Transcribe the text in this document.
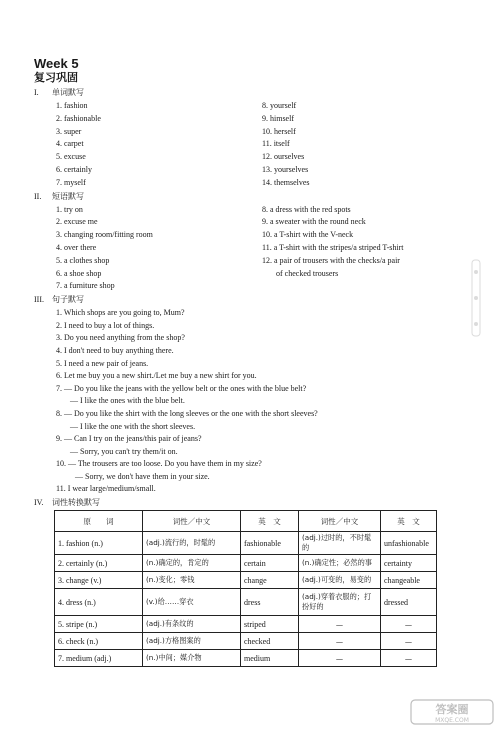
Week 5
复习巩固
I. 单词默写
1. fashion
2. fashionable
3. super
4. carpet
5. excuse
6. certainly
7. myself
8. yourself
9. himself
10. herself
11. itself
12. ourselves
13. yourselves
14. themselves
II. 短语默写
1. try on
2. excuse me
3. changing room/fitting room
4. over there
5. a clothes shop
6. a shoe shop
7. a furniture shop
8. a dress with the red spots
9. a sweater with the round neck
10. a T-shirt with the V-neck
11. a T-shirt with the stripes/a striped T-shirt
12. a pair of trousers with the checks/a pair
of checked trousers
III. 句子默写
1. Which shops are you going to, Mum?
2. I need to buy a lot of things.
3. Do you need anything from the shop?
4. I don't need to buy anything there.
5. I need a new pair of jeans.
6. Let me buy you a new shirt./Let me buy a new shirt for you.
7. — Do you like the jeans with the yellow belt or the ones with the blue belt?
— I like the ones with the blue belt.
8. — Do you like the shirt with the long sleeves or the one with the short sleeves?
— I like the one with the short sleeves.
9. — Can I try on the jeans/this pair of jeans?
— Sorry, you can't try them/it on.
10. — The trousers are too loose. Do you have them in my size?
— Sorry, we don't have them in your size.
11. I wear large/medium/small.
IV. 词性转换默写
原　　词	词性／中文	英　文	词性／中文	英　文
1. fashion (n.)	(adj.)流行的，时髦的	fashionable	(adj.)过时的，不时髦的	unfashionable
2. certainly (n.)	(n.)确定的，肯定的	certain	(n.)确定性；必然的事	certainty
3. change (v.)	(n.)变化；零钱	change	(adj.)可变的，易变的	changeable
4. dress (n.)	(v.)给……穿衣	dress	(adj.)穿着衣服的；打扮好的	dressed
5. stripe (n.)	(adj.)有条纹的	striped	—	—
6. check (n.)	(adj.)方格图案的	checked	—	—
7. medium (adj.)	(n.)中间；媒介物	medium	—	—
答案圈
MXQE.COM
